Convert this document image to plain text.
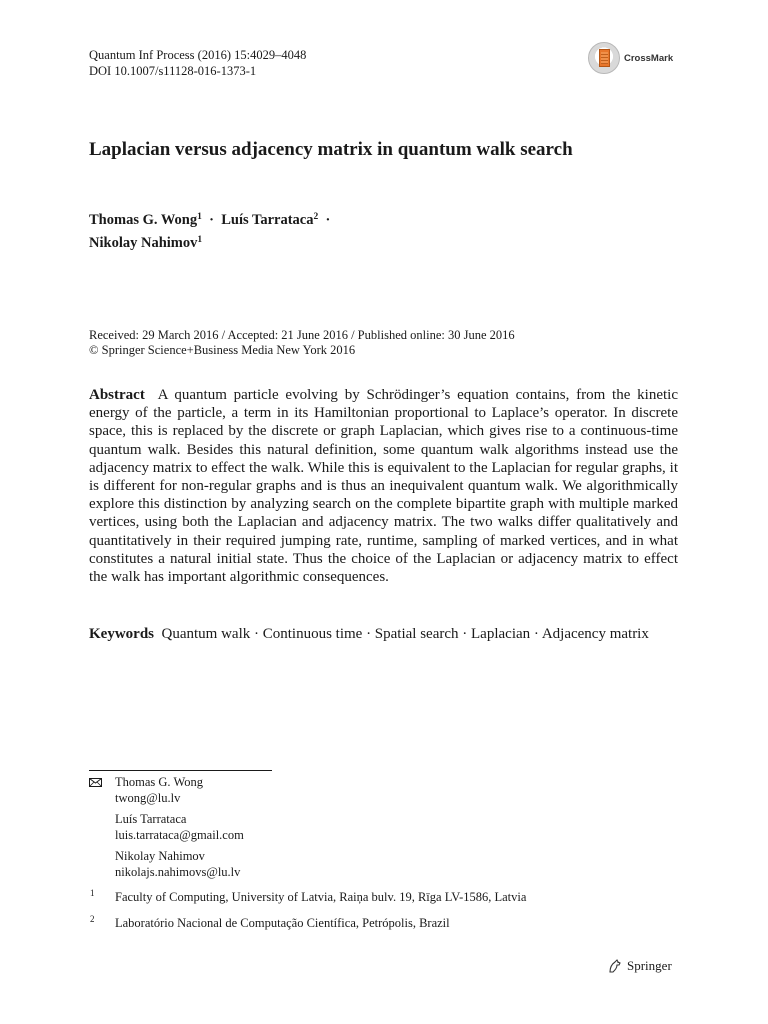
Quantum Inf Process (2016) 15:4029–4048
DOI 10.1007/s11128-016-1373-1
CrossMark
Laplacian versus adjacency matrix in quantum walk search
Thomas G. Wong$^1$ · Luís Tarrataca$^2$ ·
Nikolay Nahimov$^1$
Received: 29 March 2016 / Accepted: 21 June 2016 / Published online: 30 June 2016
© Springer Science+Business Media New York 2016
Abstract A quantum particle evolving by Schrödinger’s equation contains, from the kinetic energy of the particle, a term in its Hamiltonian proportional to Laplace’s operator. In discrete space, this is replaced by the discrete or graph Laplacian, which gives rise to a continuous-time quantum walk. Besides this natural definition, some quantum walk algorithms instead use the adjacency matrix to effect the walk. While this is equivalent to the Laplacian for regular graphs, it is different for non-regular graphs and is thus an inequivalent quantum walk. We algorithmically explore this distinction by analyzing search on the complete bipartite graph with multiple marked vertices, using both the Laplacian and adjacency matrix. The two walks differ qualitatively and quantitatively in their required jumping rate, runtime, sampling of marked vertices, and in what constitutes a natural initial state. Thus the choice of the Laplacian or adjacency matrix to effect the walk has important algorithmic consequences.
Keywords Quantum walk · Continuous time · Spatial search · Laplacian · Adjacency matrix
Thomas G. Wong
twong@lu.lv
Luís Tarrataca
luis.tarrataca@gmail.com
Nikolay Nahimov
nikolajs.nahimovs@lu.lv
1 Faculty of Computing, University of Latvia, Raiņa bulv. 19, Rīga LV-1586, Latvia
2 Laboratório Nacional de Computação Científica, Petrópolis, Brazil
Springer
